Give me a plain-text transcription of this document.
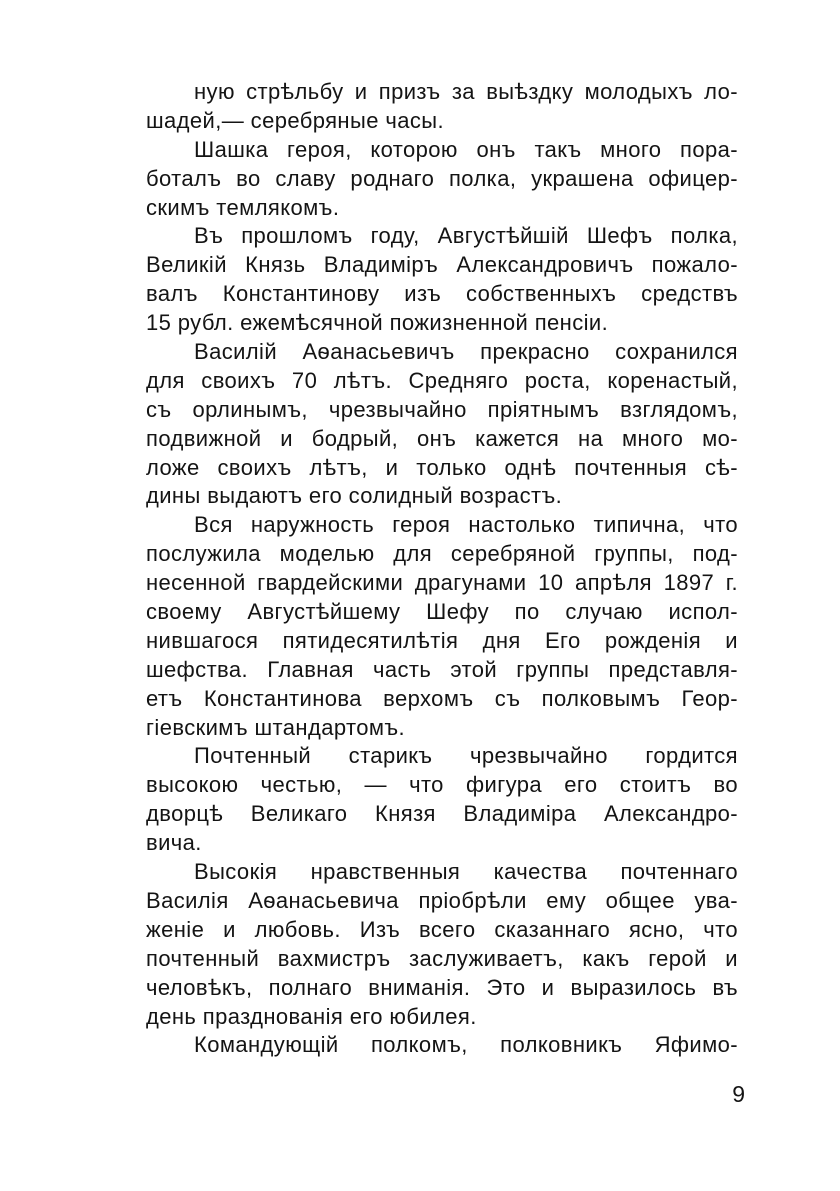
ную стрѣльбу и призъ за выѣздку молодыхъ ло-
шадей,— серебряные часы.
Шашка героя, которою онъ такъ много пора-
боталъ во славу роднаго полка, украшена офицер-
скимъ темлякомъ.
Въ прошломъ году, Августѣйшій Шефъ полка,
Великій Князь Владиміръ Александровичъ пожало-
валъ Константинову изъ собственныхъ средствъ
15 рубл. ежемѣсячной пожизненной пенсіи.
Василій Аѳанасьевичъ прекрасно сохранился
для своихъ 70 лѣтъ. Средняго роста, коренастый,
съ орлинымъ, чрезвычайно пріятнымъ взглядомъ,
подвижной и бодрый, онъ кажется на много мо-
ложе своихъ лѣтъ, и только однѣ почтенныя сѣ-
дины выдаютъ его солидный возрастъ.
Вся наружность героя настолько типична, что
послужила моделью для серебряной группы, под-
несенной гвардейскими драгунами 10 апрѣля 1897 г.
своему Августѣйшему Шефу по случаю испол-
нившагося пятидесятилѣтія дня Его рожденія и
шефства. Главная часть этой группы представля-
етъ Константинова верхомъ съ полковымъ Геор-
гіевскимъ штандартомъ.
Почтенный старикъ чрезвычайно гордится
высокою честью, — что фигура его стоитъ во
дворцѣ Великаго Князя Владиміра Александро-
вича.
Высокія нравственныя качества почтеннаго
Василія Аѳанасьевича пріобрѣли ему общее ува-
женіе и любовь. Изъ всего сказаннаго ясно, что
почтенный вахмистръ заслуживаетъ, какъ герой и
человѣкъ, полнаго вниманія. Это и выразилось въ
день празднованія его юбилея.
Командующій полкомъ, полковникъ Яфимо-
9
